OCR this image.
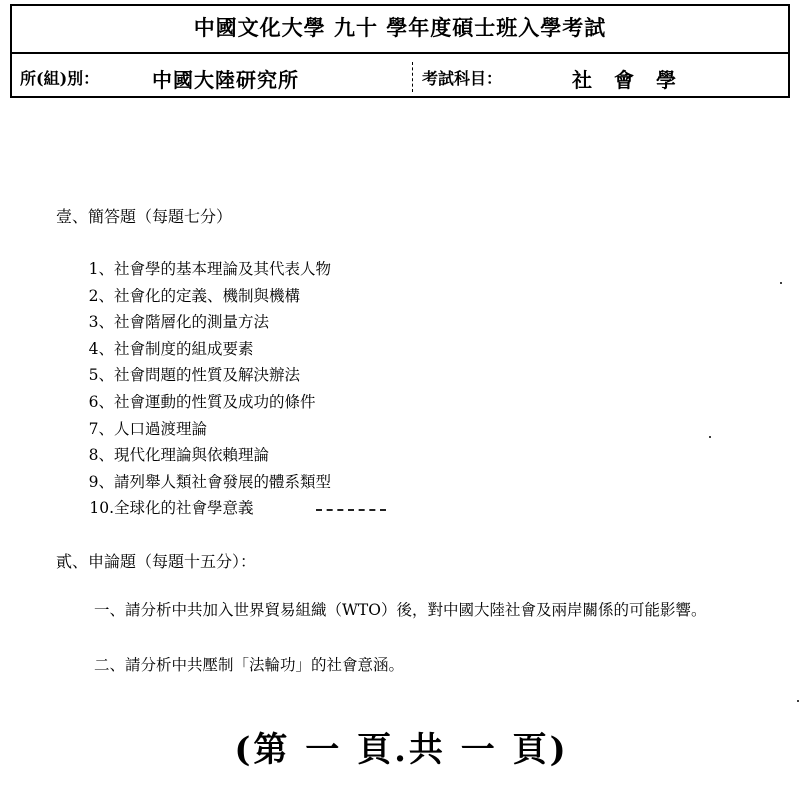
中國文化大學 九十 學年度碩士班入學考試
所(組)別：	中國大陸研究所	考試科目：	社會學
壹、簡答題（每題七分）
1、社會學的基本理論及其代表人物
2、社會化的定義、機制與機構
3、社會階層化的測量方法
4、社會制度的組成要素
5、社會問題的性質及解決辦法
6、社會運動的性質及成功的條件
7、人口過渡理論
8、現代化理論與依賴理論
9、請列舉人類社會發展的體系類型
10.全球化的社會學意義
貳、申論題（每題十五分）：
一、請分析中共加入世界貿易組織（WTO）後，對中國大陸社會及兩岸關係的可能影響。
二、請分析中共壓制「法輪功」的社會意涵。
(第 一 頁.共 一 頁)
